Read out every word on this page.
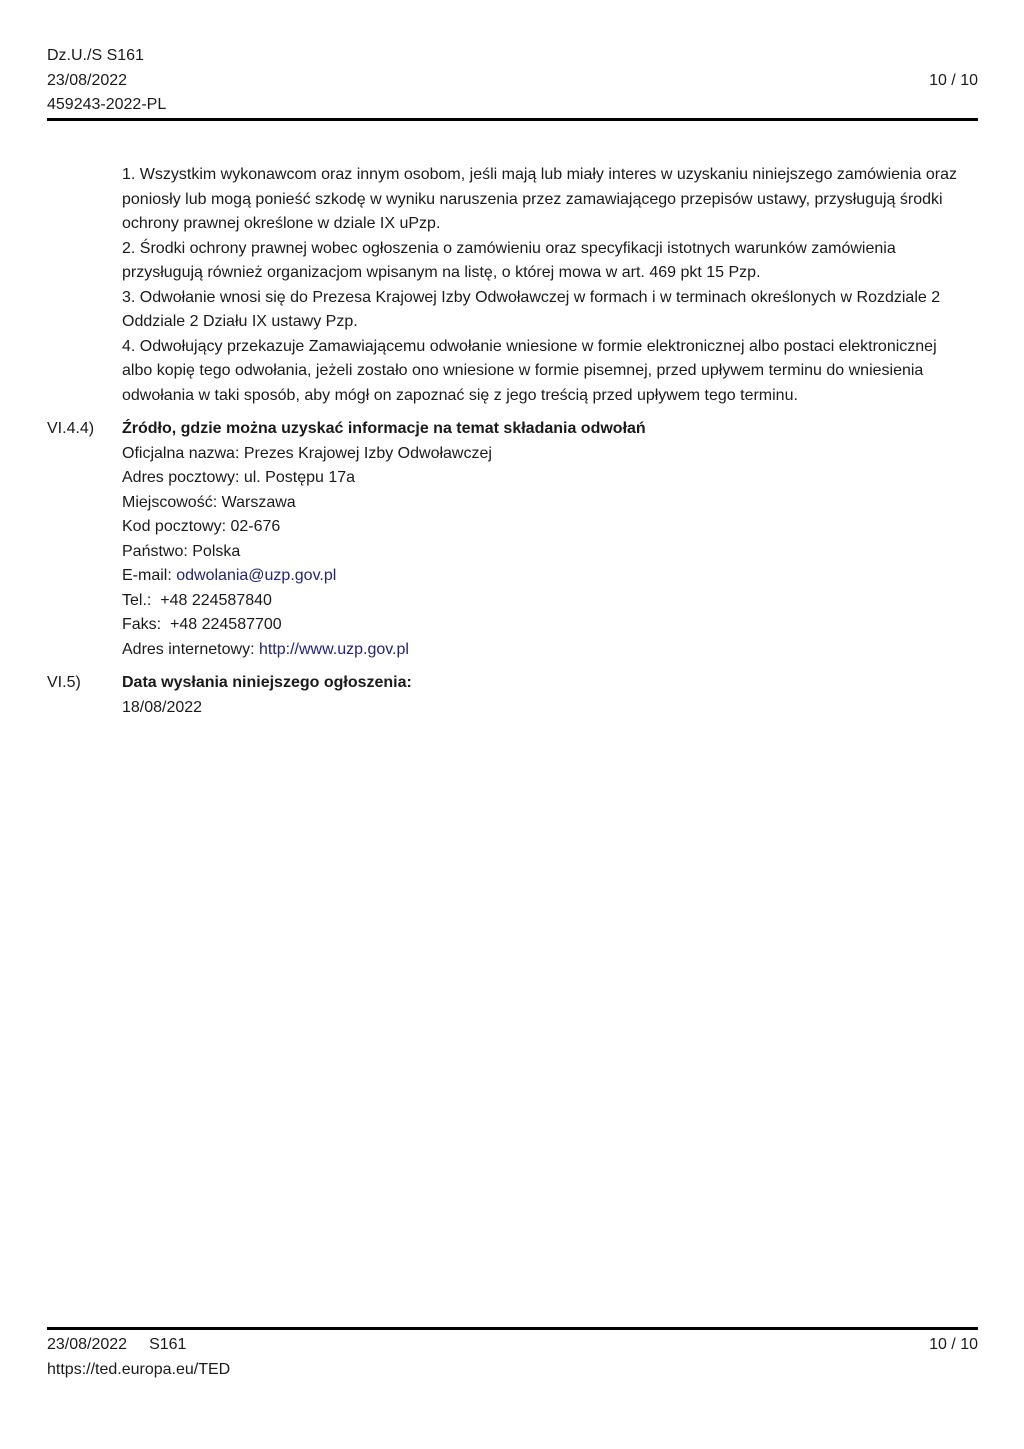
Dz.U./S S161
23/08/2022
459243-2022-PL
10 / 10

1. Wszystkim wykonawcom oraz innym osobom, jeśli mają lub miały interes w uzyskaniu niniejszego zamówienia oraz poniosły lub mogą ponieść szkodę w wyniku naruszenia przez zamawiającego przepisów ustawy, przysługują środki ochrony prawnej określone w dziale IX uPzp.

2. Środki ochrony prawnej wobec ogłoszenia o zamówieniu oraz specyfikacji istotnych warunków zamówienia przysługują również organizacjom wpisanym na listę, o której mowa w art. 469 pkt 15 Pzp.

3. Odwołanie wnosi się do Prezesa Krajowej Izby Odwoławczej w formach i w terminach określonych w Rozdziale 2 Oddziale 2 Działu IX ustawy Pzp.

4. Odwołujący przekazuje Zamawiającemu odwołanie wniesione w formie elektronicznej albo postaci elektronicznej albo kopię tego odwołania, jeżeli zostało ono wniesione w formie pisemnej, przed upływem terminu do wniesienia odwołania w taki sposób, aby mógł on zapoznać się z jego treścią przed upływem tego terminu.

VI.4.4)	Źródło, gdzie można uzyskać informacje na temat składania odwołań
Oficjalna nazwa: Prezes Krajowej Izby Odwoławczej
Adres pocztowy: ul. Postępu 17a
Miejscowość: Warszawa
Kod pocztowy: 02-676
Państwo: Polska
E-mail: odwolania@uzp.gov.pl
Tel.:  +48 224587840
Faks:  +48 224587700
Adres internetowy: http://www.uzp.gov.pl
VI.5)	Data wysłania niniejszego ogłoszenia:
18/08/2022
23/08/2022 S161	10 / 10
https://ted.europa.eu/TED
